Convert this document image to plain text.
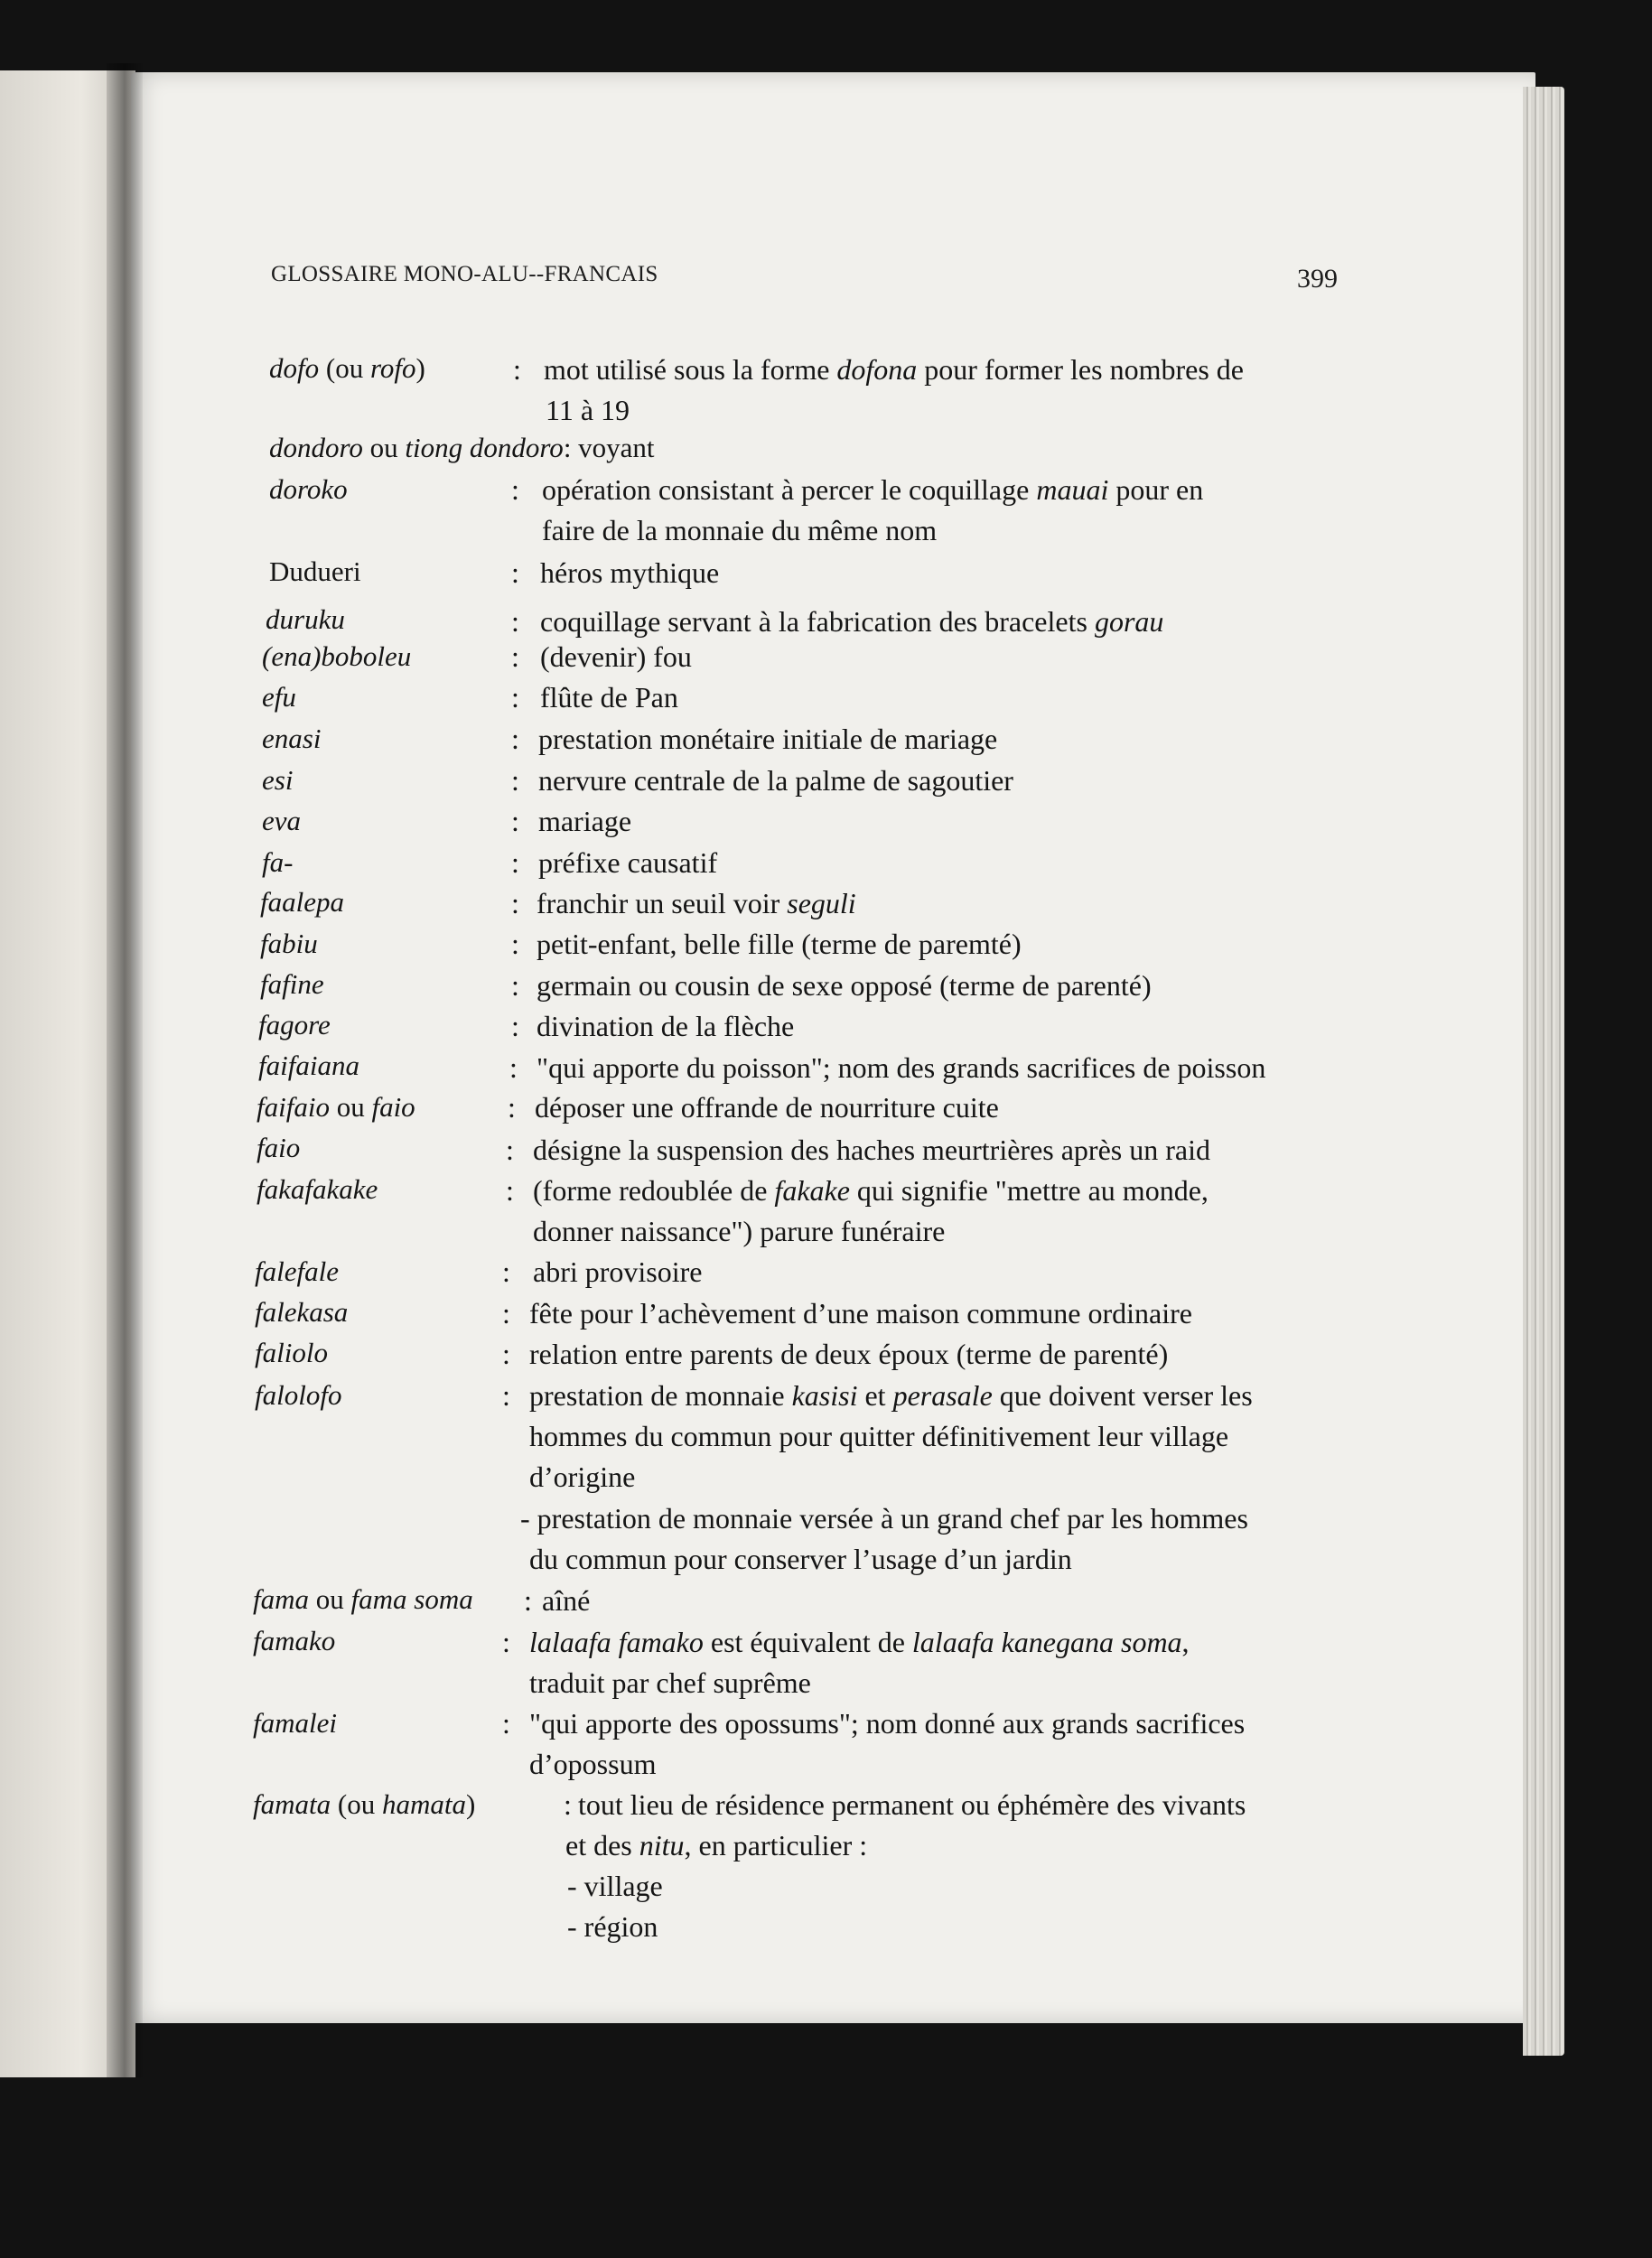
GLOSSAIRE MONO-ALU--FRANCAIS	399
dofo (ou rofo)	: mot utilisé sous la forme dofona pour former les nombres de
11 à 19
dondoro ou tiong dondoro: voyant
doroko	: opération consistant à percer le coquillage mauai pour en
faire de la monnaie du même nom
Dudueri	: héros mythique
duruku	: coquillage servant à la fabrication des bracelets gorau
(ena)boboleu	: (devenir) fou
efu	: flûte de Pan
enasi	: prestation monétaire initiale de mariage
esi	: nervure centrale de la palme de sagoutier
eva	: mariage
fa-	: préfixe causatif
faalepa	: franchir un seuil voir seguli
fabiu	: petit-enfant, belle fille (terme de paremté)
fafine	: germain ou cousin de sexe opposé (terme de parenté)
fagore	: divination de la flèche
faifaiana	: "qui apporte du poisson"; nom des grands sacrifices de poisson
faifaio ou faio	: déposer une offrande de nourriture cuite
faio	: désigne la suspension des haches meurtrières après un raid
fakafakake	: (forme redoublée de fakake qui signifie "mettre au monde,
donner naissance") parure funéraire
falefale	: abri provisoire
falekasa	: fête pour l’achèvement d’une maison commune ordinaire
faliolo	: relation entre parents de deux époux (terme de parenté)
falolofo	: prestation de monnaie kasisi et perasale que doivent verser les
hommes du commun pour quitter définitivement leur village
d’origine
- prestation de monnaie versée à un grand chef par les hommes
du commun pour conserver l’usage d’un jardin
fama ou fama soma : aîné
famako	: lalaafa famako est équivalent de lalaafa kanegana soma,
traduit par chef suprême
famalei	: "qui apporte des opossums"; nom donné aux grands sacrifices
d’opossum
famata (ou hamata)	: tout lieu de résidence permanent ou éphémère des vivants
et des nitu, en particulier :
- village
- région
